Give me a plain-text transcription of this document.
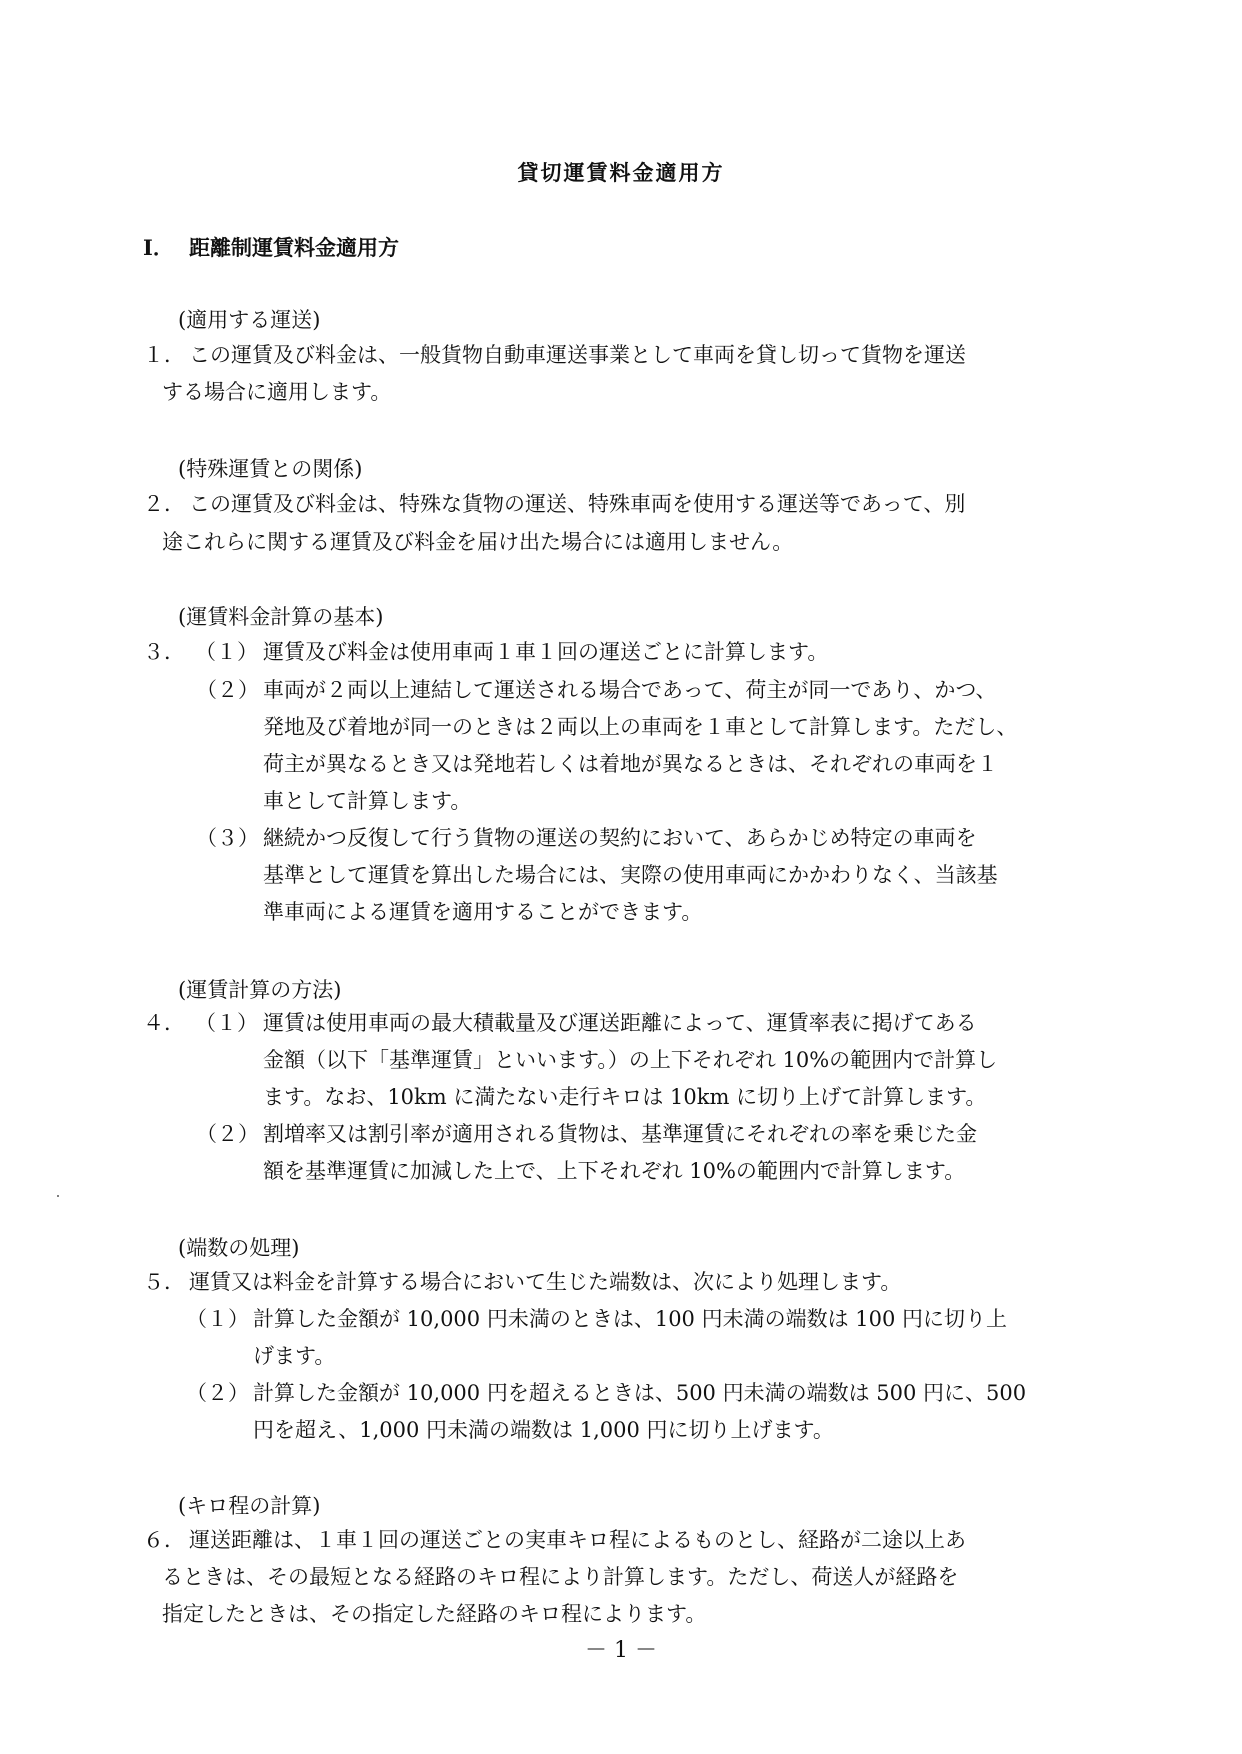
貸切運賃料金適用方
Ⅰ． 距離制運賃料金適用方
(適用する運送)
１． この運賃及び料金は、一般貨物自動車運送事業として車両を貸し切って貨物を運送
する場合に適用します。
(特殊運賃との関係)
２． この運賃及び料金は、特殊な貨物の運送、特殊車両を使用する運送等であって、別
途これらに関する運賃及び料金を届け出た場合には適用しません。
(運賃料金計算の基本)
３． （１） 運賃及び料金は使用車両１車１回の運送ごとに計算します。
（２） 車両が２両以上連結して運送される場合であって、荷主が同一であり、かつ、
発地及び着地が同一のときは２両以上の車両を１車として計算します。ただし、
荷主が異なるとき又は発地若しくは着地が異なるときは、それぞれの車両を１
車として計算します。
（３） 継続かつ反復して行う貨物の運送の契約において、あらかじめ特定の車両を
基準として運賃を算出した場合には、実際の使用車両にかかわりなく、当該基
準車両による運賃を適用することができます。
(運賃計算の方法)
４． （１） 運賃は使用車両の最大積載量及び運送距離によって、運賃率表に掲げてある
金額（以下「基準運賃」といいます。）の上下それぞれ 10%の範囲内で計算し
ます。なお、10km に満たない走行キロは 10km に切り上げて計算します。
（２） 割増率又は割引率が適用される貨物は、基準運賃にそれぞれの率を乗じた金
額を基準運賃に加減した上で、上下それぞれ 10%の範囲内で計算します。
(端数の処理)
５． 運賃又は料金を計算する場合において生じた端数は、次により処理します。
（１） 計算した金額が 10,000 円未満のときは、100 円未満の端数は 100 円に切り上
げます。
（２） 計算した金額が 10,000 円を超えるときは、500 円未満の端数は 500 円に、500
円を超え、1,000 円未満の端数は 1,000 円に切り上げます。
(キロ程の計算)
６． 運送距離は、１車１回の運送ごとの実車キロ程によるものとし、経路が二途以上あ
るときは、その最短となる経路のキロ程により計算します。ただし、荷送人が経路を
指定したときは、その指定した経路のキロ程によります。
－ 1 －
